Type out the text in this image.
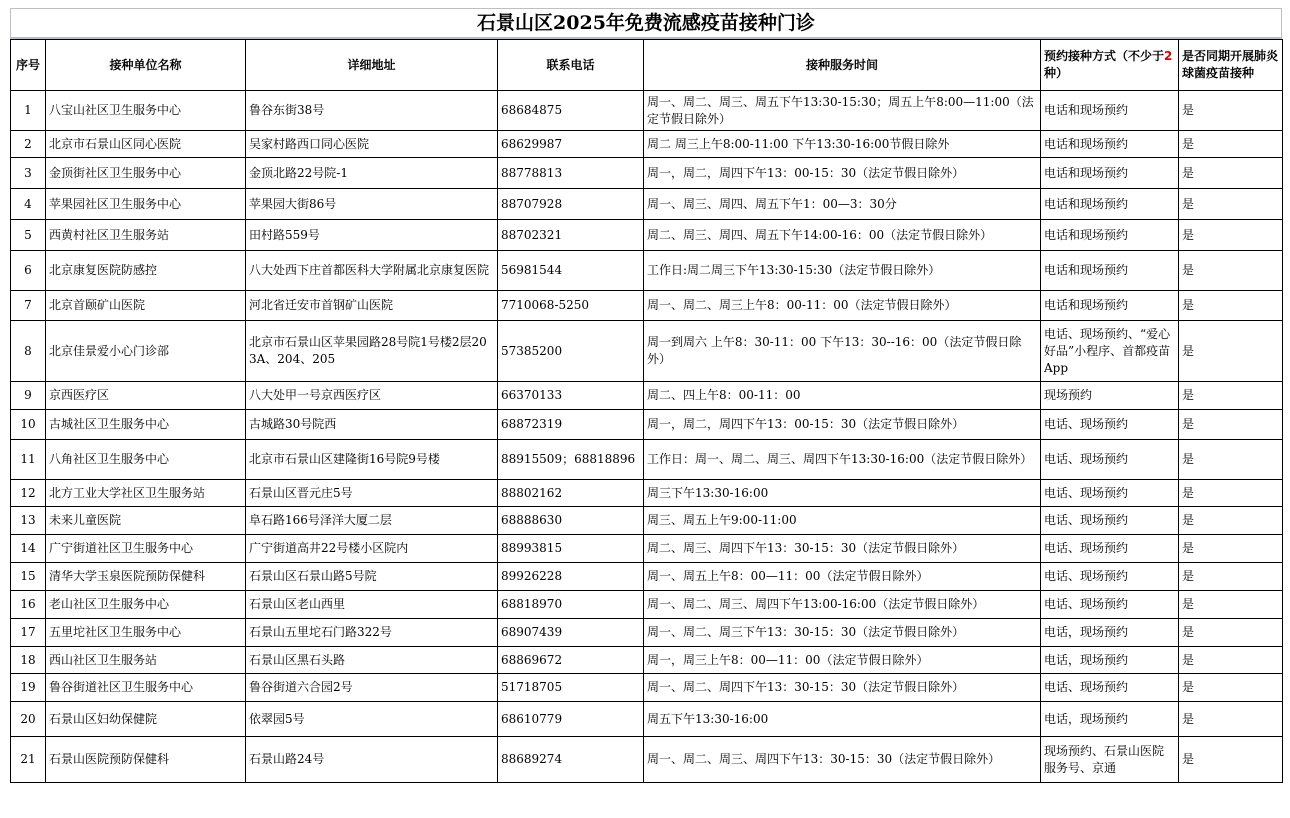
石景山区2025年免费流感疫苗接种门诊
序号	接种单位名称	详细地址	联系电话	接种服务时间	预约接种方式（不少于2种）	是否同期开展肺炎球菌疫苗接种
1	八宝山社区卫生服务中心	鲁谷东街38号	68684875	周一、周二、周三、周五下午13:30-15:30；周五上午8:00—11:00（法定节假日除外）	电话和现场预约	是
2	北京市石景山区同心医院	吴家村路西口同心医院	68629987	周二 周三上午8:00-11:00 下午13:30-16:00节假日除外	电话和现场预约	是
3	金顶街社区卫生服务中心	金顶北路22号院-1	88778813	周一，周二，周四下午13：00-15：30（法定节假日除外）	电话和现场预约	是
4	苹果园社区卫生服务中心	苹果园大街86号	88707928	周一、周三、周四、周五下午1：00—3：30分	电话和现场预约	是
5	西黄村社区卫生服务站	田村路559号	88702321	周二、周三、周四、周五下午14:00-16：00（法定节假日除外）	电话和现场预约	是
6	北京康复医院防感控	八大处西下庄首都医科大学附属北京康复医院	56981544	工作日:周二周三下午13:30-15:30（法定节假日除外）	电话和现场预约	是
7	北京首颐矿山医院	河北省迁安市首钢矿山医院	7710068-5250	周一、周二、周三上午8：00-11：00（法定节假日除外）	电话和现场预约	是
8	北京佳景爱小心门诊部	北京市石景山区苹果园路28号院1号楼2层203A、204、205	57385200	周一到周六 上午8：30-11：00 下午13：30--16：00（法定节假日除外）	电话、现场预约、“爱心好品”小程序、首都疫苗App	是
9	京西医疗区	八大处甲一号京西医疗区	66370133	周二、四上午8：00-11：00	现场预约	是
10	古城社区卫生服务中心	古城路30号院西	68872319	周一，周二，周四下午13：00-15：30（法定节假日除外）	电话、现场预约	是
11	八角社区卫生服务中心	北京市石景山区建隆街16号院9号楼	88915509；68818896	工作日：周一、周二、周三、周四下午13:30-16:00（法定节假日除外）	电话、现场预约	是
12	北方工业大学社区卫生服务站	石景山区晋元庄5号	88802162	周三下午13:30-16:00	电话、现场预约	是
13	未来儿童医院	阜石路166号泽洋大厦二层	68888630	周三、周五上午9:00-11:00	电话、现场预约	是
14	广宁街道社区卫生服务中心	广宁街道高井22号楼小区院内	88993815	周二、周三、周四下午13：30-15：30（法定节假日除外）	电话、现场预约	是
15	清华大学玉泉医院预防保健科	石景山区石景山路5号院	89926228	周一、周五上午8：00—11：00（法定节假日除外）	电话、现场预约	是
16	老山社区卫生服务中心	石景山区老山西里	68818970	周一、周二、周三、周四下午13:00-16:00（法定节假日除外）	电话、现场预约	是
17	五里坨社区卫生服务中心	石景山五里坨石门路322号	68907439	周一、周二、周三下午13：30-15：30（法定节假日除外）	电话，现场预约	是
18	西山社区卫生服务站	石景山区黑石头路	68869672	周一，周三上午8：00—11：00（法定节假日除外）	电话，现场预约	是
19	鲁谷街道社区卫生服务中心	鲁谷街道六合园2号	51718705	周一、周二、周四下午13：30-15：30（法定节假日除外）	电话、现场预约	是
20	石景山区妇幼保健院	依翠园5号	68610779	周五下午13:30-16:00	电话，现场预约	是
21	石景山医院预防保健科	石景山路24号	88689274	周一、周二、周三、周四下午13：30-15：30（法定节假日除外）	现场预约、石景山医院服务号、京通	是
